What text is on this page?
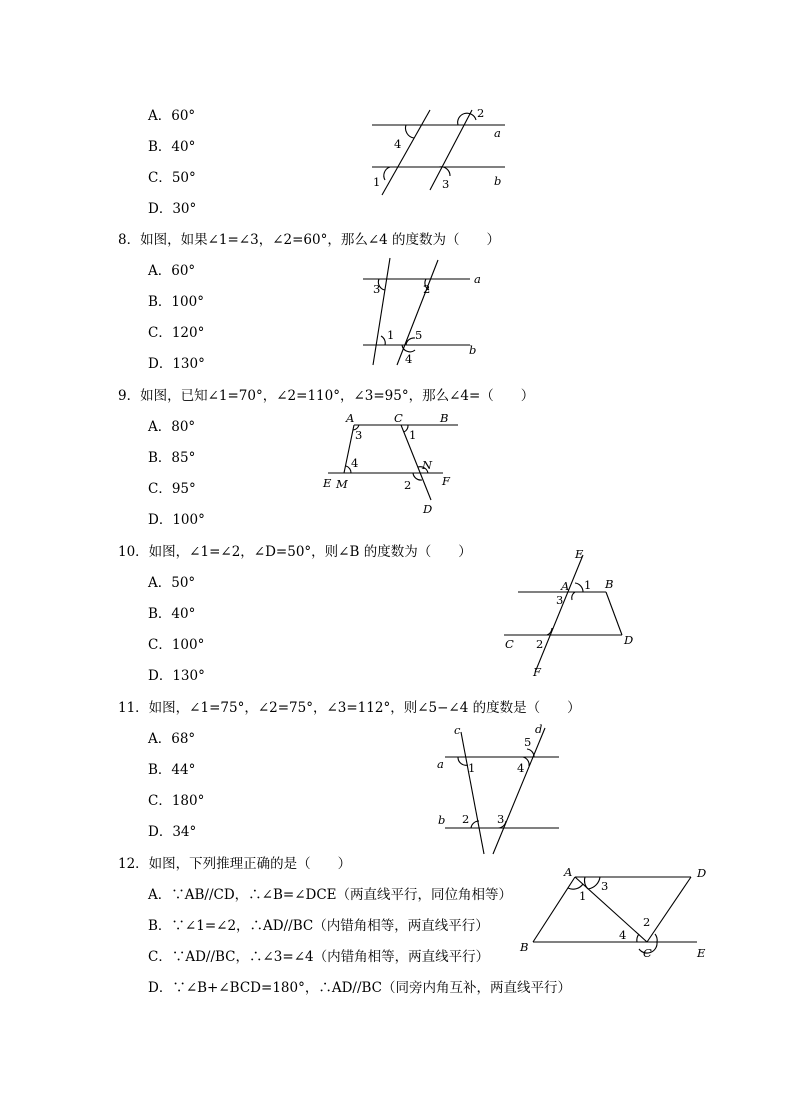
A．60°
B．40°
C．50°
D．30°
2
a
4
1	3	b
8．如图，如果∠1=∠3，∠2=60°，那么∠4 的度数为（　　）
A．60°
B．100°
C．120°
D．130°
a
3	2
1 5
4
b
9．如图，已知∠1=70°，∠2=110°，∠3=95°，那么∠4=（　　）
A．80°
B．85°
C．95°
D．100°
A	C	B
3	1
4	N
E M	2	F
D
10．如图，∠1=∠2，∠D=50°，则∠B 的度数为（　　）
A．50°
B．40°
C．100°
D．130°
E
A 1 B
3
C 2	D
F
11．如图，∠1=75°，∠2=75°，∠3=112°，则∠5−∠4 的度数是（　　）
A．68°
B．44°
C．180°
D．34°
c	d
5
a 1	4
b 2 3
12．如图，下列推理正确的是（　　）
A．∵AB//CD，∴∠B=∠DCE（两直线平行，同位角相等）
B．∵∠1=∠2，∴AD//BC（内错角相等，两直线平行）
C．∵AD//BC，∴∠3=∠4（内错角相等，两直线平行）
D．∵∠B+∠BCD=180°，∴AD//BC（同旁内角互补，两直线平行）
A	D
3
1
2
4
B	C	E
